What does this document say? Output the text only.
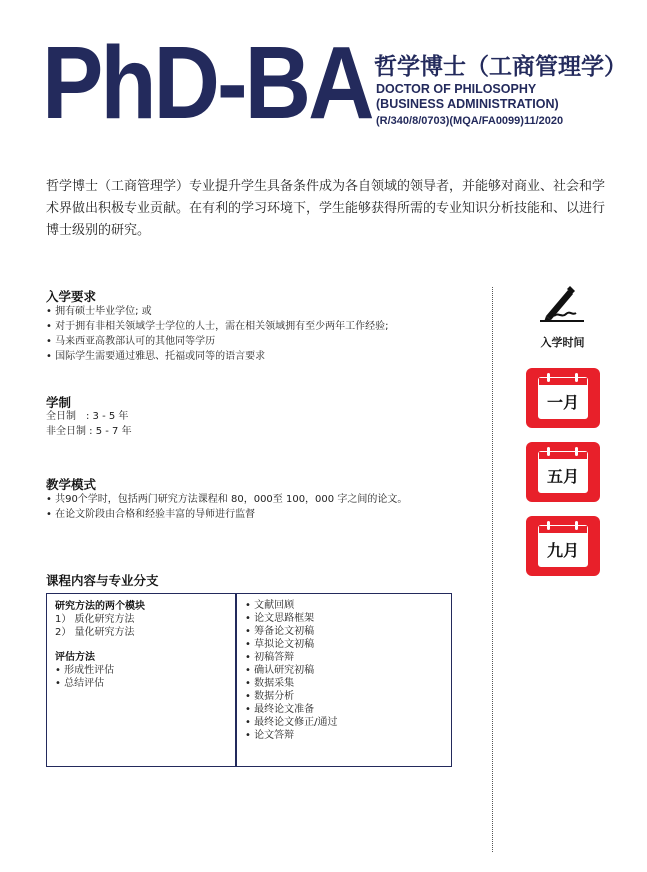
PhD-BA 哲学博士（工商管理学）
DOCTOR OF PHILOSOPHY
(BUSINESS ADMINISTRATION)
(R/340/8/0703)(MQA/FA0099)11/2020
哲学博士（工商管理学）专业提升学生具备条件成为各自领域的领导者，并能够对商业、社会和学术界做出积极专业贡献。在有利的学习环境下，学生能够获得所需的专业知识分析技能和、以进行博士级别的研究。
入学要求
• 拥有硕士毕业学位; 或
• 对于拥有非相关领域学士学位的人士，需在相关领域拥有至少两年工作经验;
• 马来西亚高教部认可的其他同等学历
• 国际学生需要通过雅思、托福或同等的语言要求
学制
全日制　: 3 - 5 年
非全日制 : 5 - 7 年
教学模式
• 共90个学时，包括两门研究方法课程和 80，000至 100，000 字之间的论文。
• 在论文阶段由合格和经验丰富的导师进行监督
课程内容与专业分支
研究方法的两个模块
1） 质化研究方法
2） 量化研究方法
评估方法
• 形成性评估
• 总结评估
• 文献回顾
• 论文思路框架
• 筹备论文初稿
• 草拟论文初稿
• 初稿答辩
• 确认研究初稿
• 数据采集
• 数据分析
• 最终论文准备
• 最终论文修正/通过
• 论文答辩
入学时间
一月
五月
九月
